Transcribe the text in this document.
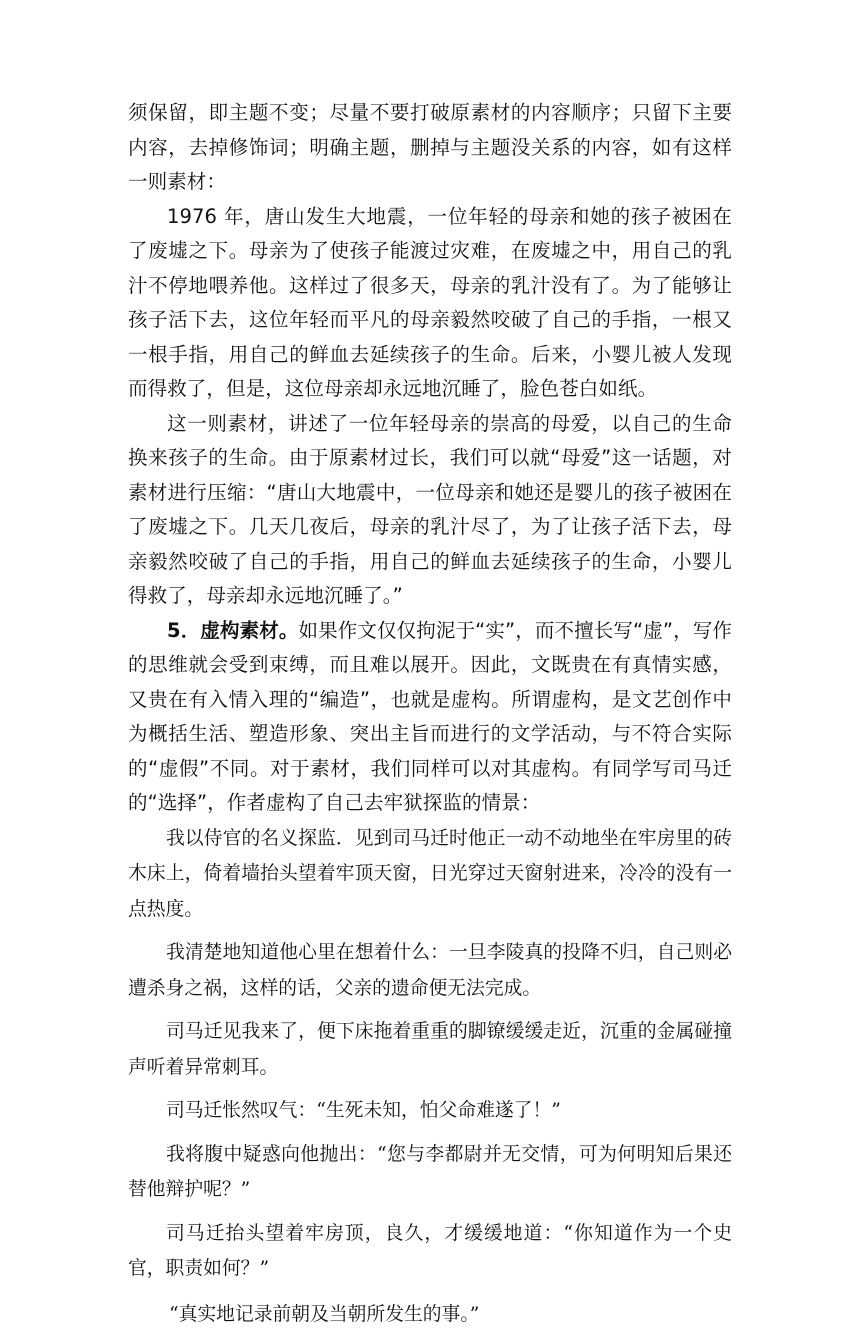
须保留，即主题不变；尽量不要打破原素材的内容顺序；只留下主要内容，去掉修饰词；明确主题，删掉与主题没关系的内容，如有这样一则素材：

1976 年，唐山发生大地震，一位年轻的母亲和她的孩子被困在了废墟之下。母亲为了使孩子能渡过灾难，在废墟之中，用自己的乳汁不停地喂养他。这样过了很多天，母亲的乳汁没有了。为了能够让孩子活下去，这位年轻而平凡的母亲毅然咬破了自己的手指，一根又一根手指，用自己的鲜血去延续孩子的生命。后来，小婴儿被人发现而得救了，但是，这位母亲却永远地沉睡了，脸色苍白如纸。

这一则素材，讲述了一位年轻母亲的崇高的母爱，以自己的生命换来孩子的生命。由于原素材过长，我们可以就“母爱”这一话题，对素材进行压缩：“唐山大地震中，一位母亲和她还是婴儿的孩子被困在了废墟之下。几天几夜后，母亲的乳汁尽了，为了让孩子活下去，母亲毅然咬破了自己的手指，用自己的鲜血去延续孩子的生命，小婴儿得救了，母亲却永远地沉睡了。”

5．虚构素材。如果作文仅仅拘泥于“实”，而不擅长写“虚”，写作的思维就会受到束缚，而且难以展开。因此，文既贵在有真情实感，又贵在有入情入理的“编造”，也就是虚构。所谓虚构，是文艺创作中为概括生活、塑造形象、突出主旨而进行的文学活动，与不符合实际的“虚假”不同。对于素材，我们同样可以对其虚构。有同学写司马迁的“选择”，作者虚构了自己去牢狱探监的情景：

我以侍官的名义探监．见到司马迁时他正一动不动地坐在牢房里的砖木床上，倚着墙抬头望着牢顶天窗，日光穿过天窗射进来，冷冷的没有一点热度。

我清楚地知道他心里在想着什么：一旦李陵真的投降不归，自己则必遭杀身之祸，这样的话，父亲的遗命便无法完成。

司马迁见我来了，便下床拖着重重的脚镣缓缓走近，沉重的金属碰撞声听着异常刺耳。

司马迁怅然叹气：“生死未知，怕父命难遂了！”

我将腹中疑惑向他抛出：“您与李都尉并无交情，可为何明知后果还替他辩护呢？”

司马迁抬头望着牢房顶，良久，才缓缓地道：“你知道作为一个史官，职责如何？”

“真实地记录前朝及当朝所发生的事。”
